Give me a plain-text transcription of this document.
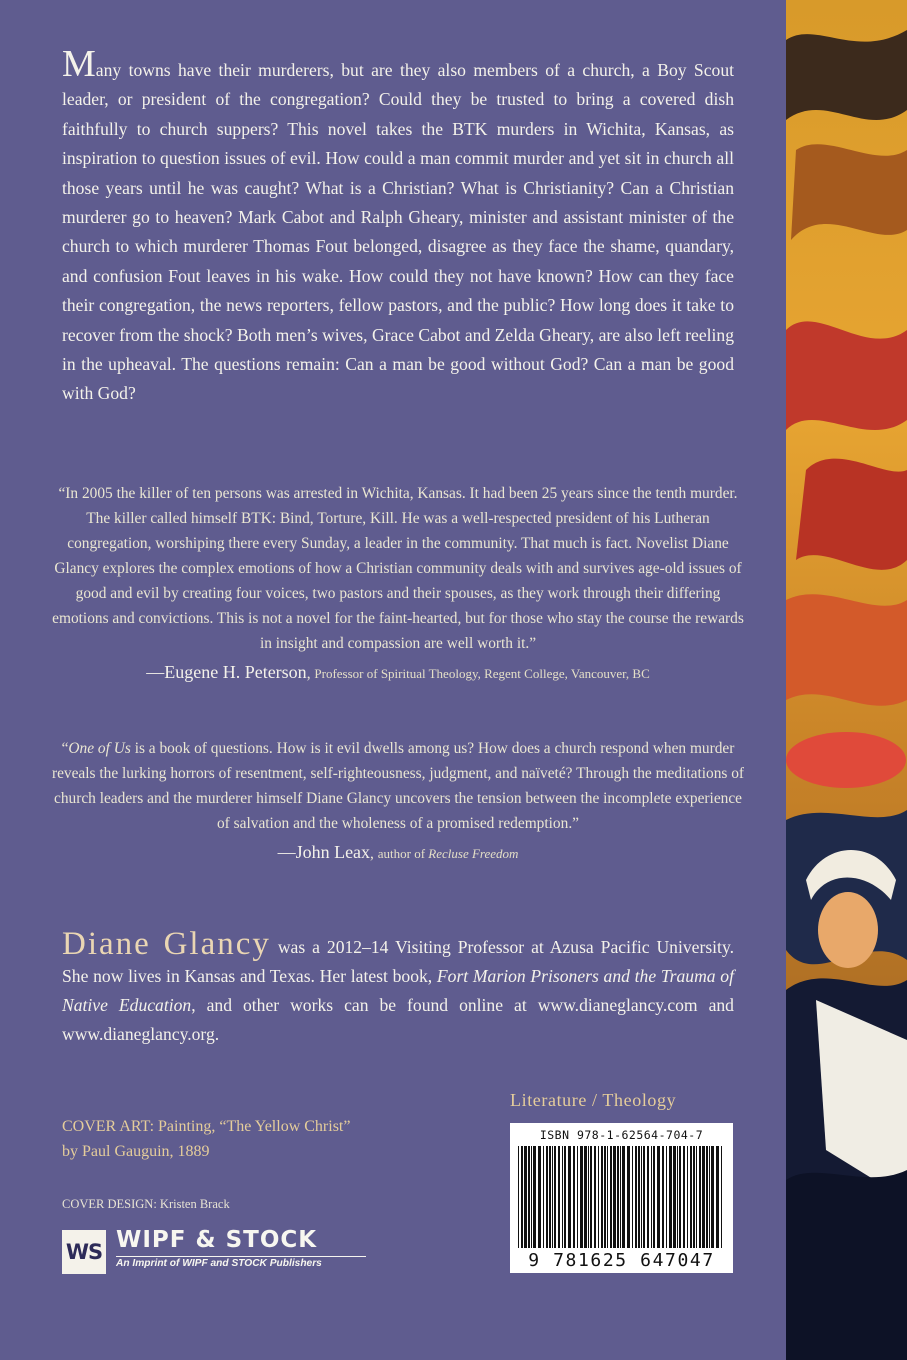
Many towns have their murderers, but are they also members of a church, a Boy Scout leader, or president of the congregation? Could they be trusted to bring a covered dish faithfully to church suppers? This novel takes the BTK murders in Wichita, Kansas, as inspiration to question issues of evil. How could a man commit murder and yet sit in church all those years until he was caught? What is a Christian? What is Christianity? Can a Christian murderer go to heaven? Mark Cabot and Ralph Gheary, minister and assistant minister of the church to which murderer Thomas Fout belonged, disagree as they face the shame, quandary, and confusion Fout leaves in his wake. How could they not have known? How can they face their congregation, the news reporters, fellow pastors, and the public? How long does it take to recover from the shock? Both men’s wives, Grace Cabot and Zelda Gheary, are also left reeling in the upheaval. The questions remain: Can a man be good without God? Can a man be good with God?

“In 2005 the killer of ten persons was arrested in Wichita, Kansas. It had been 25 years since the tenth murder. The killer called himself BTK: Bind, Torture, Kill. He was a well-respected president of his Lutheran congregation, worshiping there every Sunday, a leader in the community. That much is fact. Novelist Diane Glancy explores the complex emotions of how a Christian community deals with and survives age-old issues of good and evil by creating four voices, two pastors and their spouses, as they work through their differing emotions and convictions. This is not a novel for the faint-hearted, but for those who stay the course the rewards in insight and compassion are well worth it.”
—Eugene H. Peterson, Professor of Spiritual Theology, Regent College, Vancouver, BC

“One of Us is a book of questions. How is it evil dwells among us? How does a church respond when murder reveals the lurking horrors of resentment, self-righteousness, judgment, and naïveté? Through the meditations of church leaders and the murderer himself Diane Glancy uncovers the tension between the incomplete experience of salvation and the wholeness of a promised redemption.”
—John Leax, author of Recluse Freedom

Diane Glancy was a 2012–14 Visiting Professor at Azusa Pacific University. She now lives in Kansas and Texas. Her latest book, Fort Marion Prisoners and the Trauma of Native Education, and other works can be found online at www.dianeglancy.com and www.dianeglancy.org.

Literature / Theology

ISBN 978-1-62564-704-7
9 781625 647047

COVER ART: Painting, “The Yellow Christ”
by Paul Gauguin, 1889

COVER DESIGN: Kristen Brack

WS WIPF & STOCK
An Imprint of WIPF and STOCK Publishers
